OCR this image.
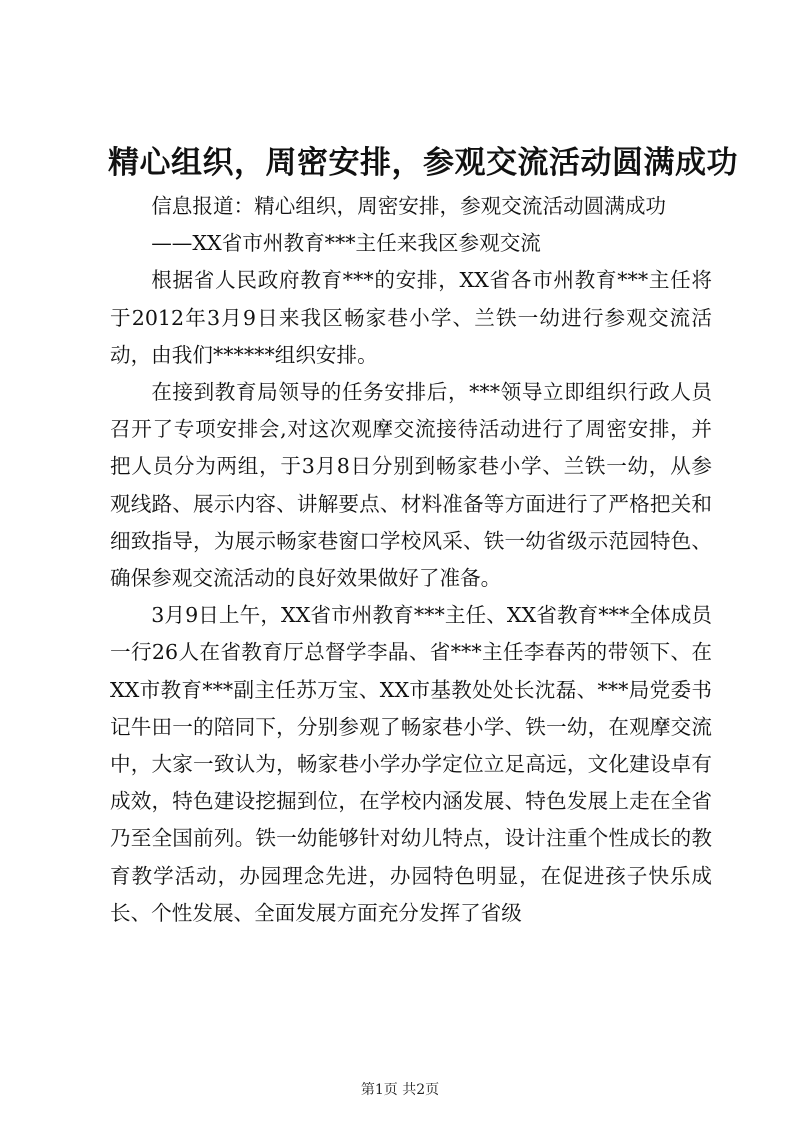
精心组织，周密安排，参观交流活动圆满成功

信息报道：精心组织，周密安排，参观交流活动圆满成功

——XX省市州教育***主任来我区参观交流

根据省人民政府教育***的安排，XX省各市州教育***主任将于2012年3月9日来我区畅家巷小学、兰铁一幼进行参观交流活动，由我们******组织安排。

在接到教育局领导的任务安排后，***领导立即组织行政人员召开了专项安排会,对这次观摩交流接待活动进行了周密安排，并把人员分为两组，于3月8日分别到畅家巷小学、兰铁一幼，从参观线路、展示内容、讲解要点、材料准备等方面进行了严格把关和细致指导，为展示畅家巷窗口学校风采、铁一幼省级示范园特色、确保参观交流活动的良好效果做好了准备。

3月9日上午，XX省市州教育***主任、XX省教育***全体成员一行26人在省教育厅总督学李晶、省***主任李春芮的带领下、在XX市教育***副主任苏万宝、XX市基教处处长沈磊、***局党委书记牛田一的陪同下，分别参观了畅家巷小学、铁一幼，在观摩交流中，大家一致认为，畅家巷小学办学定位立足高远，文化建设卓有成效，特色建设挖掘到位，在学校内涵发展、特色发展上走在全省乃至全国前列。铁一幼能够针对幼儿特点，设计注重个性成长的教育教学活动，办园理念先进，办园特色明显，在促进孩子快乐成长、个性发展、全面发展方面充分发挥了省级

第1页 共2页
